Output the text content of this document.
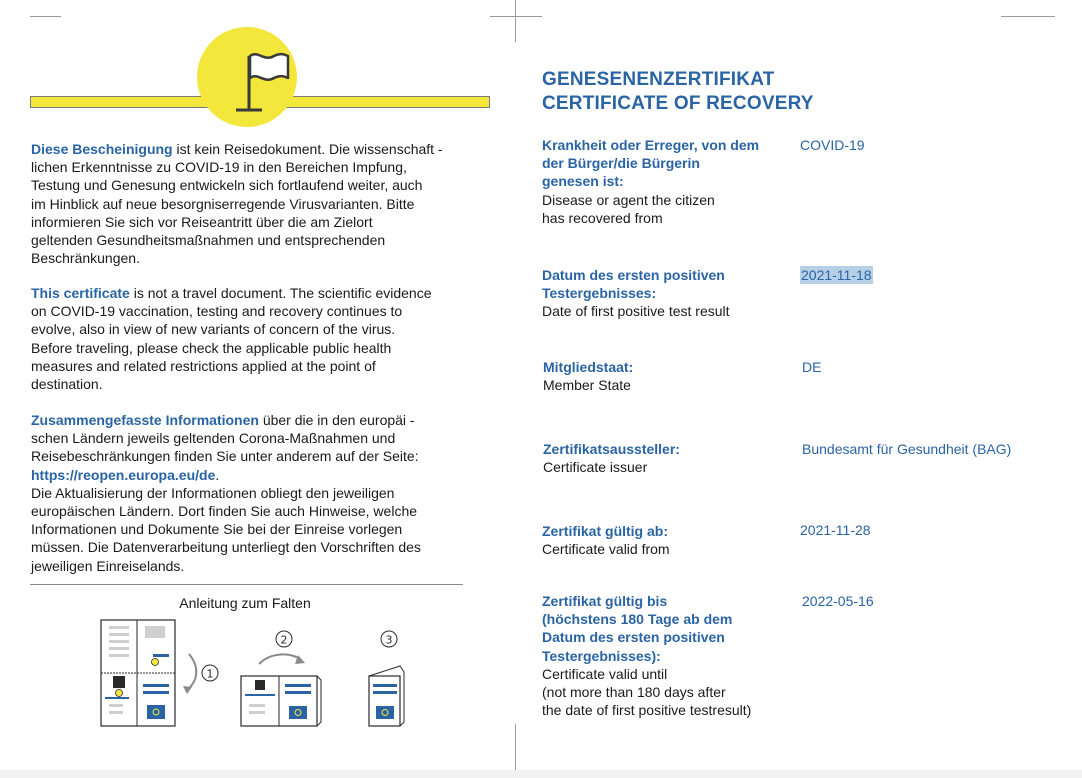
Diese Bescheinigung ist kein Reisedokument. Die wissenschaft -

lichen Erkenntnisse zu COVID-19 in den Bereichen Impfung,

Testung und Genesung entwickeln sich fortlaufend weiter, auch

im Hinblick auf neue besorgniserregende Virusvarianten. Bitte

informieren Sie sich vor Reiseantritt über die am Zielort

geltenden Gesundheitsmaßnahmen und entsprechenden

Beschränkungen.

This certificate is not a travel document. The scientific evidence

on COVID-19 vaccination, testing and recovery continues to

evolve, also in view of new variants of concern of the virus.

Before traveling, please check the applicable public health

measures and related restrictions applied at the point of

destination.

Zusammengefasste Informationen über die in den europäi -

schen Ländern jeweils geltenden Corona-Maßnahmen und

Reisebeschränkungen finden Sie unter anderem auf der Seite:

https://reopen.europa.eu/de.

Die Aktualisierung der Informationen obliegt den jeweiligen

europäischen Ländern. Dort finden Sie auch Hinweise, welche

Informationen und Dokumente Sie bei der Einreise vorlegen

müssen. Die Datenverarbeitung unterliegt den Vorschriften des

jeweiligen Einreiselands.

Anleitung zum Falten
1
2	3
GENESENENZERTIFIKAT
CERTIFICATE OF RECOVERY
Krankheit oder Erreger, von dem
der Bürger/die Bürgerin
genesen ist:
Disease or agent the citizen
has recovered from
COVID-19
Datum des ersten positiven
Testergebnisses:
Date of first positive test result
2021-11-18
Mitgliedstaat:
Member State
DE
Zertifikatsaussteller:
Certificate issuer
Bundesamt für Gesundheit (BAG)
Zertifikat gültig ab:
Certificate valid from
2021-11-28
Zertifikat gültig bis
(höchstens 180 Tage ab dem
Datum des ersten positiven
Testergebnisses):
Certificate valid until
(not more than 180 days after
the date of first positive testresult)
2022-05-16
